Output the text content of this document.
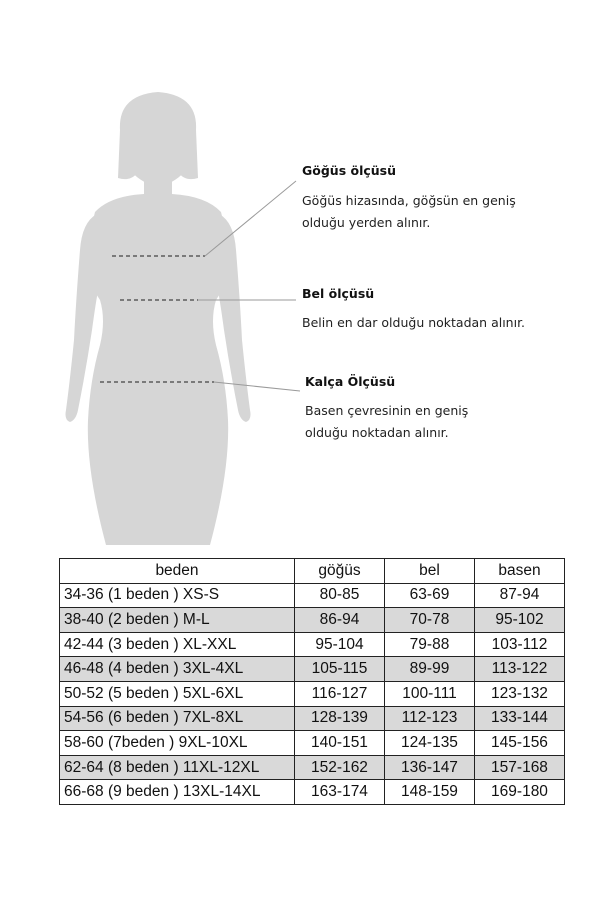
Göğüs ölçüsü
Göğüs hizasında, göğsün en geniş
olduğu yerden alınır.
Bel ölçüsü
Belin en dar olduğu noktadan alınır.
Kalça Ölçüsü
Basen çevresinin en geniş
olduğu noktadan alınır.
beden	göğüs	bel	basen
34-36 (1 beden ) XS-S	80-85	63-69	87-94
38-40 (2 beden ) M-L	86-94	70-78	95-102
42-44 (3 beden ) XL-XXL	95-104	79-88	103-112
46-48 (4 beden ) 3XL-4XL	105-115	89-99	113-122
50-52 (5 beden ) 5XL-6XL	116-127	100-111	123-132
54-56 (6 beden ) 7XL-8XL	128-139	112-123	133-144
58-60 (7beden ) 9XL-10XL	140-151	124-135	145-156
62-64 (8 beden ) 11XL-12XL	152-162	136-147	157-168
66-68 (9 beden ) 13XL-14XL	163-174	148-159	169-180
